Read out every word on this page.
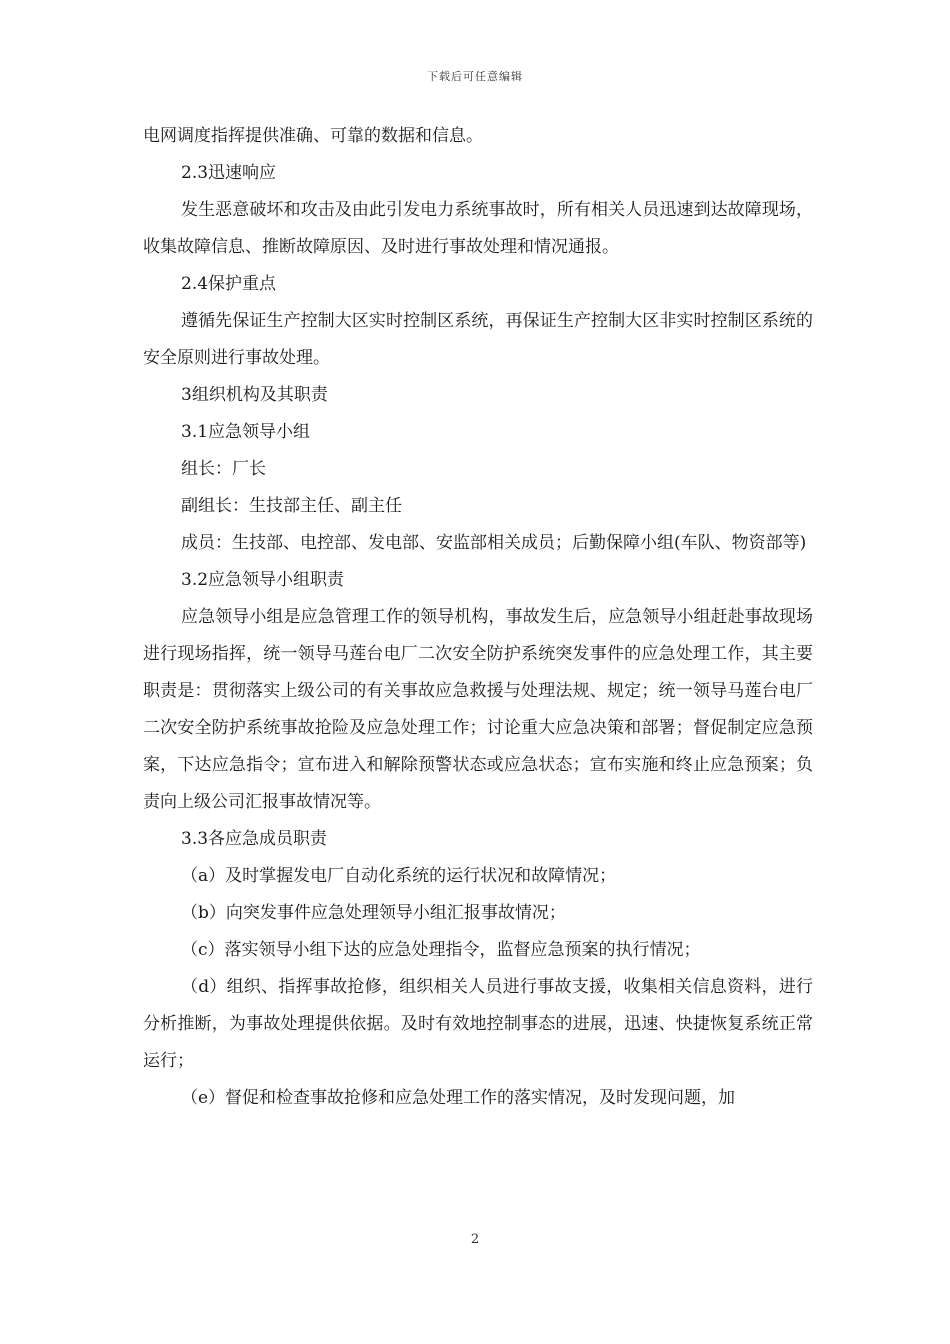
下载后可任意编辑

电网调度指挥提供准确、可靠的数据和信息。

2.3迅速响应

发生恶意破坏和攻击及由此引发电力系统事故时，所有相关人员迅速到达故障现场，收集故障信息、推断故障原因、及时进行事故处理和情况通报。

2.4保护重点

遵循先保证生产控制大区实时控制区系统，再保证生产控制大区非实时控制区系统的安全原则进行事故处理。

3组织机构及其职责

3.1应急领导小组

组长：厂长

副组长：生技部主任、副主任

成员：生技部、电控部、发电部、安监部相关成员；后勤保障小组(车队、物资部等)

3.2应急领导小组职责

应急领导小组是应急管理工作的领导机构，事故发生后，应急领导小组赶赴事故现场进行现场指挥，统一领导马莲台电厂二次安全防护系统突发事件的应急处理工作，其主要职责是：贯彻落实上级公司的有关事故应急救援与处理法规、规定；统一领导马莲台电厂二次安全防护系统事故抢险及应急处理工作；讨论重大应急决策和部署；督促制定应急预案，下达应急指令；宣布进入和解除预警状态或应急状态；宣布实施和终止应急预案；负责向上级公司汇报事故情况等。

3.3各应急成员职责

（a）及时掌握发电厂自动化系统的运行状况和故障情况；

（b）向突发事件应急处理领导小组汇报事故情况；

（c）落实领导小组下达的应急处理指令，监督应急预案的执行情况；

（d）组织、指挥事故抢修，组织相关人员进行事故支援，收集相关信息资料，进行分析推断，为事故处理提供依据。及时有效地控制事态的进展，迅速、快捷恢复系统正常运行；

（e）督促和检查事故抢修和应急处理工作的落实情况，及时发现问题，加

2
